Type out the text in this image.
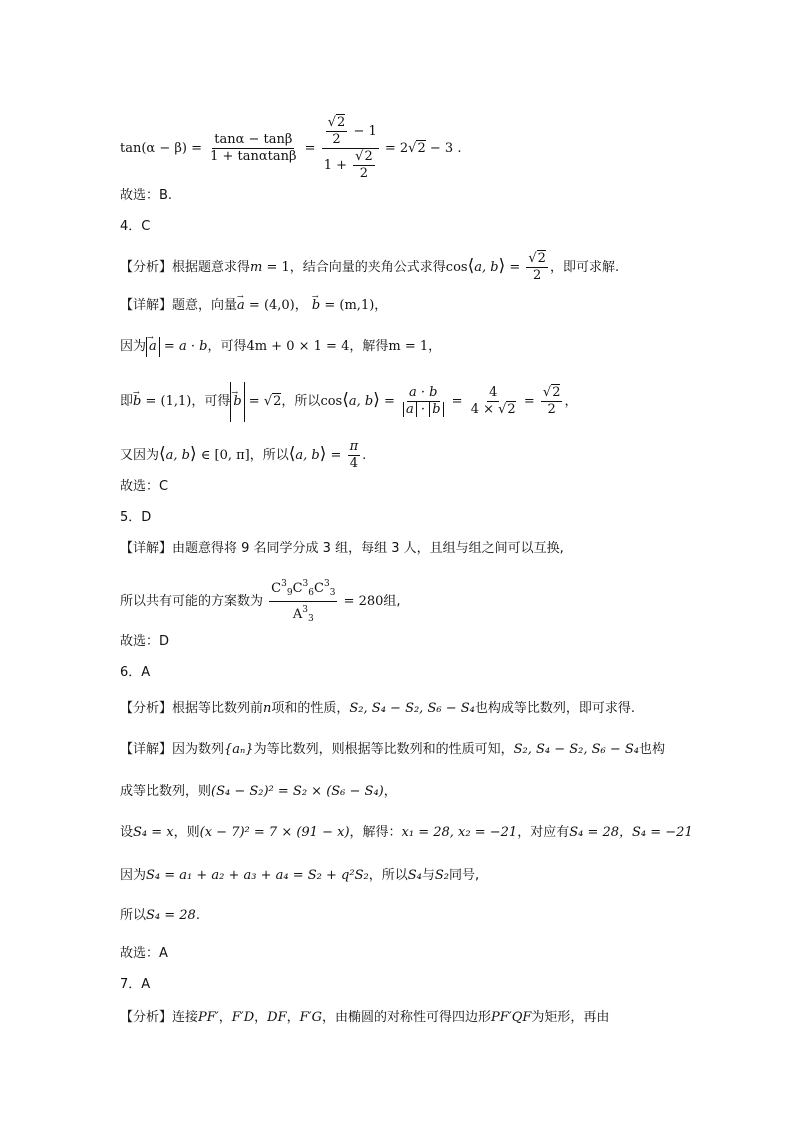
$\tan(\alpha - \beta) = \frac{\tan\alpha - \tan\beta}{1 + \tan\alpha\tan\beta} = \frac{\frac{√2}{2} - 1}{1 + \frac{√2}{2}} = 2√2 - 3$ .
故选：B.
4．C
【分析】根据题意求得m = 1，结合向量的夹角公式求得cos⟨a, b⟩ = $\frac{√2}{2}$ ，即可求解.
【详解】题意，向量→ a = (4,0)， → b = (m,1)，
因为 → a = a · b，可得4m + 0 × 1 = 4，解得m = 1，
即→ b = (1,1)，可得 → b = √2，所以cos⟨a, b⟩ = $\frac{a \cdot b}{a \cdot b} = \frac{4}{4 \times √2} = \frac{√2}{2}$ ，
又因为⟨a, b⟩ ∈ [0, π]，所以⟨a, b⟩ = $\frac{\pi}{4}$ .
故选：C
5．D
【详解】由题意得将 9 名同学分成 3 组，每组 3 人，且组与组之间可以互换,
所以共有可能的方案数为 $\frac{C^3_9C^3_6C^3_3}{A^3_3} = 280$组,
故选：D
6．A
【分析】根据等比数列前n项和的性质，S₂, S₄ − S₂, S₆ − S₄也构成等比数列，即可求得.
【详解】因为数列{aₙ}为等比数列，则根据等比数列和的性质可知，S₂, S₄ − S₂, S₆ − S₄也构
成等比数列，则(S₄ − S₂)² = S₂ × (S₆ − S₄)，
设S₄ = x，则(x − 7)² = 7 × (91 − x)，解得：x₁ = 28, x₂ = −21，对应有S₄ = 28，S₄ = −21
因为S₄ = a₁ + a₂ + a₃ + a₄ = S₂ + q²S₂，所以S₄与S₂同号,
所以S₄ = 28.
故选：A
7．A
【分析】连接PF′，F′D，DF，F′G，由椭圆的对称性可得四边形PF′QF为矩形，再由
